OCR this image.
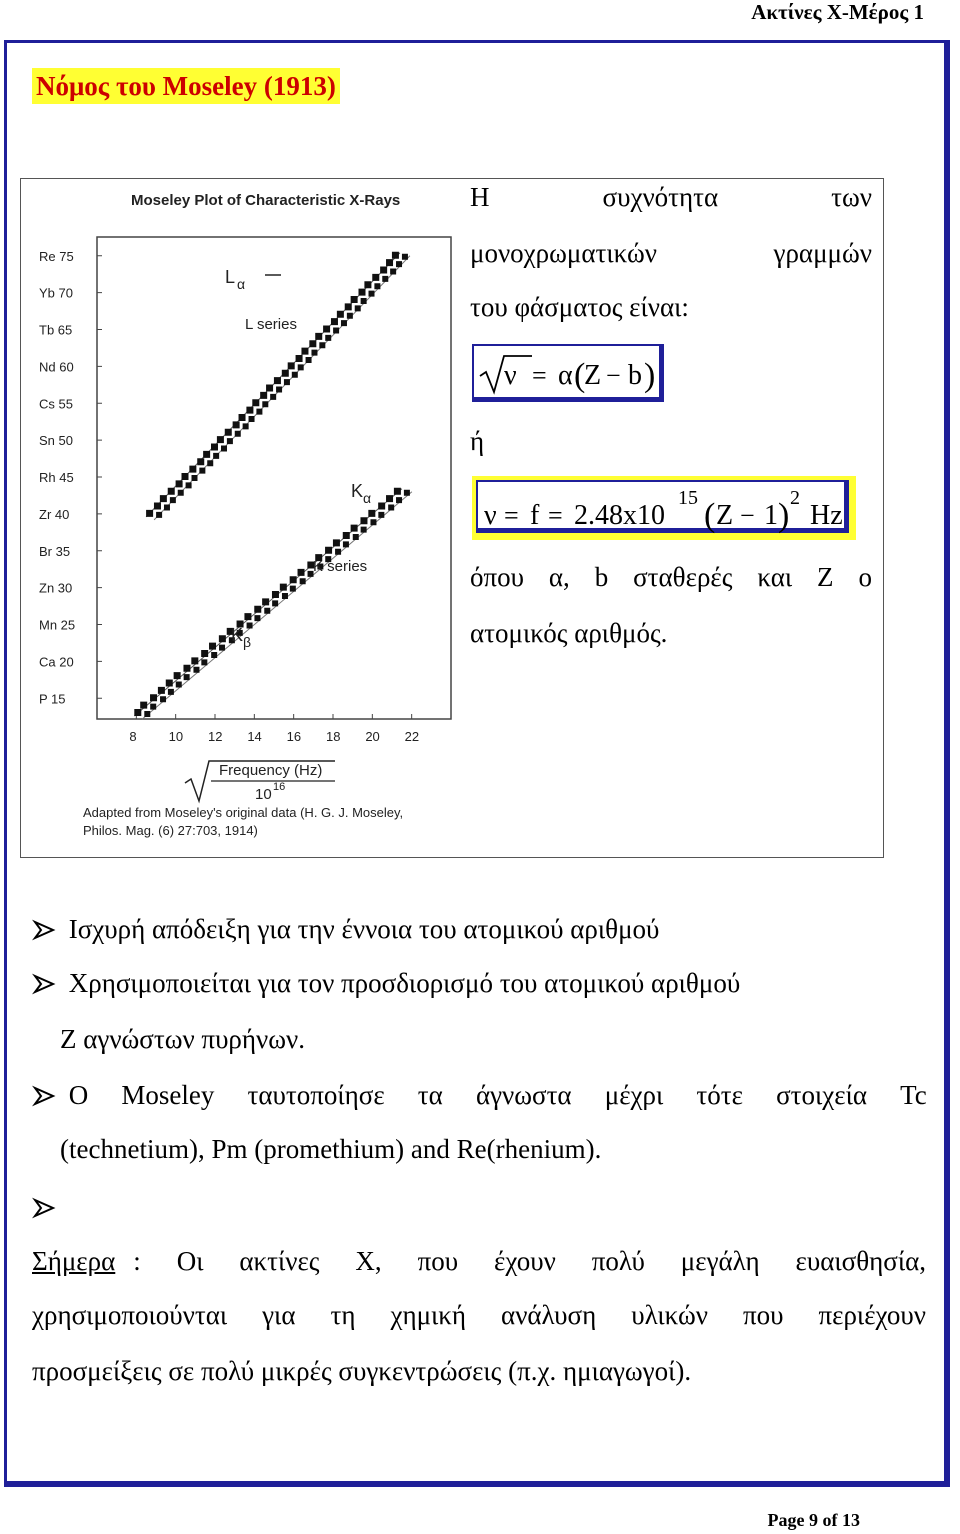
Ακτίνες Χ-Μέρος 1
Νόμος του Moseley (1913)
Moseley Plot of Characteristic X-Rays
Re 75
Yb 70
Tb 65
Nd 60
Cs 55
Sn 50
Rh 45
Zr 40
Br 35
Zn 30
Mn 25
Ca 20
P 15
8 10 12 14 16 18 20 22
L α
L series
K α
K series
K β
Frequency (Hz)
10 16
Adapted from Moseley's original data (H. G. J. Moseley,
Philos. Mag. (6) 27:703, 1914)
Η	συχνότητα	των
μονοχρωματικών	γραμμών
του φάσματος είναι:
ν = α (
Z − b )
ή
ν = f = 2.48x10
15 ( Z − 1 ) 2
Hz
όπου α, b σταθερές και Z ο
ατομικός αριθμός.
Ισχυρή απόδειξη για την έννοια του ατομικού αριθμού
Χρησιμοποιείται για τον προσδιορισμό του ατομικού αριθμού
Z αγνώστων πυρήνων.
O Moseley ταυτοποίησε τα άγνωστα μέχρι τότε στοιχεία Tc
(technetium), Pm (promethium) and Re(rhenium).
Σήμερα : Οι ακτίνες Χ, που έχουν πολύ μεγάλη ευαισθησία,
χρησιμοποιούνται για τη χημική ανάλυση υλικών που περιέχουν
προσμείξεις σε πολύ μικρές συγκεντρώσεις (π.χ. ημιαγωγοί).
Page 9 of 13
